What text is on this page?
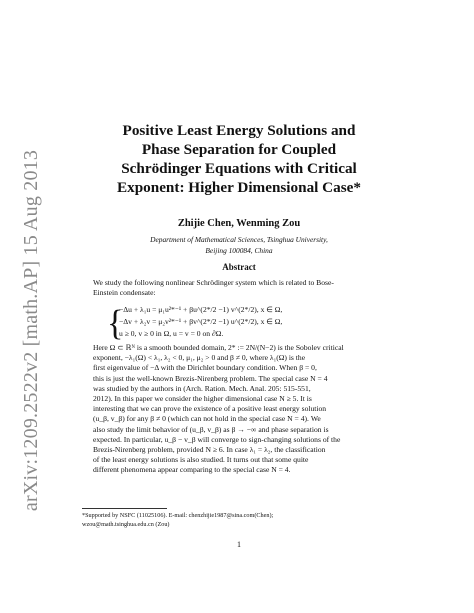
arXiv:1209.2522v2 [math.AP] 15 Aug 2013
Positive Least Energy Solutions and
Phase Separation for Coupled
Schrödinger Equations with Critical
Exponent: Higher Dimensional Case*
Zhijie Chen, Wenming Zou
Department of Mathematical Sciences, Tsinghua University,
Beijing 100084, China
Abstract
We study the following nonlinear Schrödinger system which is related to Bose-
Einstein condensate:
{
−Δu + λ₁u = μ₁u²*⁻¹ + βu^(2*/2 −1) v^(2*/2), x ∈ Ω,
−Δv + λ₂v = μ₂v²*⁻¹ + βv^(2*/2 −1) u^(2*/2), x ∈ Ω,
u ≥ 0, v ≥ 0 in Ω, u = v = 0 on ∂Ω.
Here Ω ⊂ ℝᴺ is a smooth bounded domain, 2* := 2N/(N−2) is the Sobolev critical
exponent, −λ₁(Ω) < λ₁, λ₂ < 0, μ₁, μ₂ > 0 and β ≠ 0, where λ₁(Ω) is the
first eigenvalue of −Δ with the Dirichlet boundary condition. When β = 0,
this is just the well-known Brezis-Nirenberg problem. The special case N = 4
was studied by the authors in (Arch. Ration. Mech. Anal. 205: 515-551,
2012). In this paper we consider the higher dimensional case N ≥ 5. It is
interesting that we can prove the existence of a positive least energy solution
(u_β, v_β) for any β ≠ 0 (which can not hold in the special case N = 4). We
also study the limit behavior of (u_β, v_β) as β → −∞ and phase separation is
expected. In particular, u_β − v_β will converge to sign-changing solutions of the
Brezis-Nirenberg problem, provided N ≥ 6. In case λ₁ = λ₂, the classification
of the least energy solutions is also studied. It turns out that some quite
different phenomena appear comparing to the special case N = 4.
*Supported by NSFC (11025106). E-mail: chenzhijie1987@sina.com(Chen);
wzou@math.tsinghua.edu.cn (Zou)
1
